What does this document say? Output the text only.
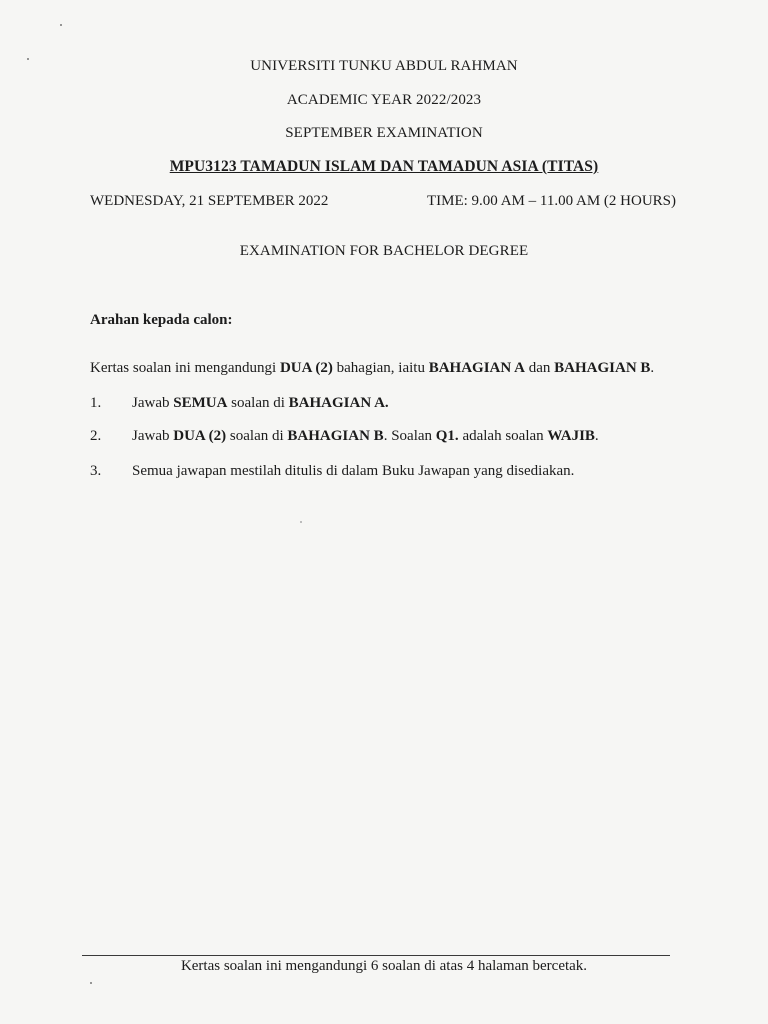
UNIVERSITI TUNKU ABDUL RAHMAN
ACADEMIC YEAR 2022/2023
SEPTEMBER EXAMINATION
MPU3123 TAMADUN ISLAM DAN TAMADUN ASIA (TITAS)
WEDNESDAY, 21 SEPTEMBER 2022	TIME: 9.00 AM – 11.00 AM (2 HOURS)
EXAMINATION FOR BACHELOR DEGREE
Arahan kepada calon:
Kertas soalan ini mengandungi DUA (2) bahagian, iaitu BAHAGIAN A dan BAHAGIAN B.
1. Jawab SEMUA soalan di BAHAGIAN A.
2. Jawab DUA (2) soalan di BAHAGIAN B. Soalan Q1. adalah soalan WAJIB.
3. Semua jawapan mestilah ditulis di dalam Buku Jawapan yang disediakan.
Kertas soalan ini mengandungi 6 soalan di atas 4 halaman bercetak.
